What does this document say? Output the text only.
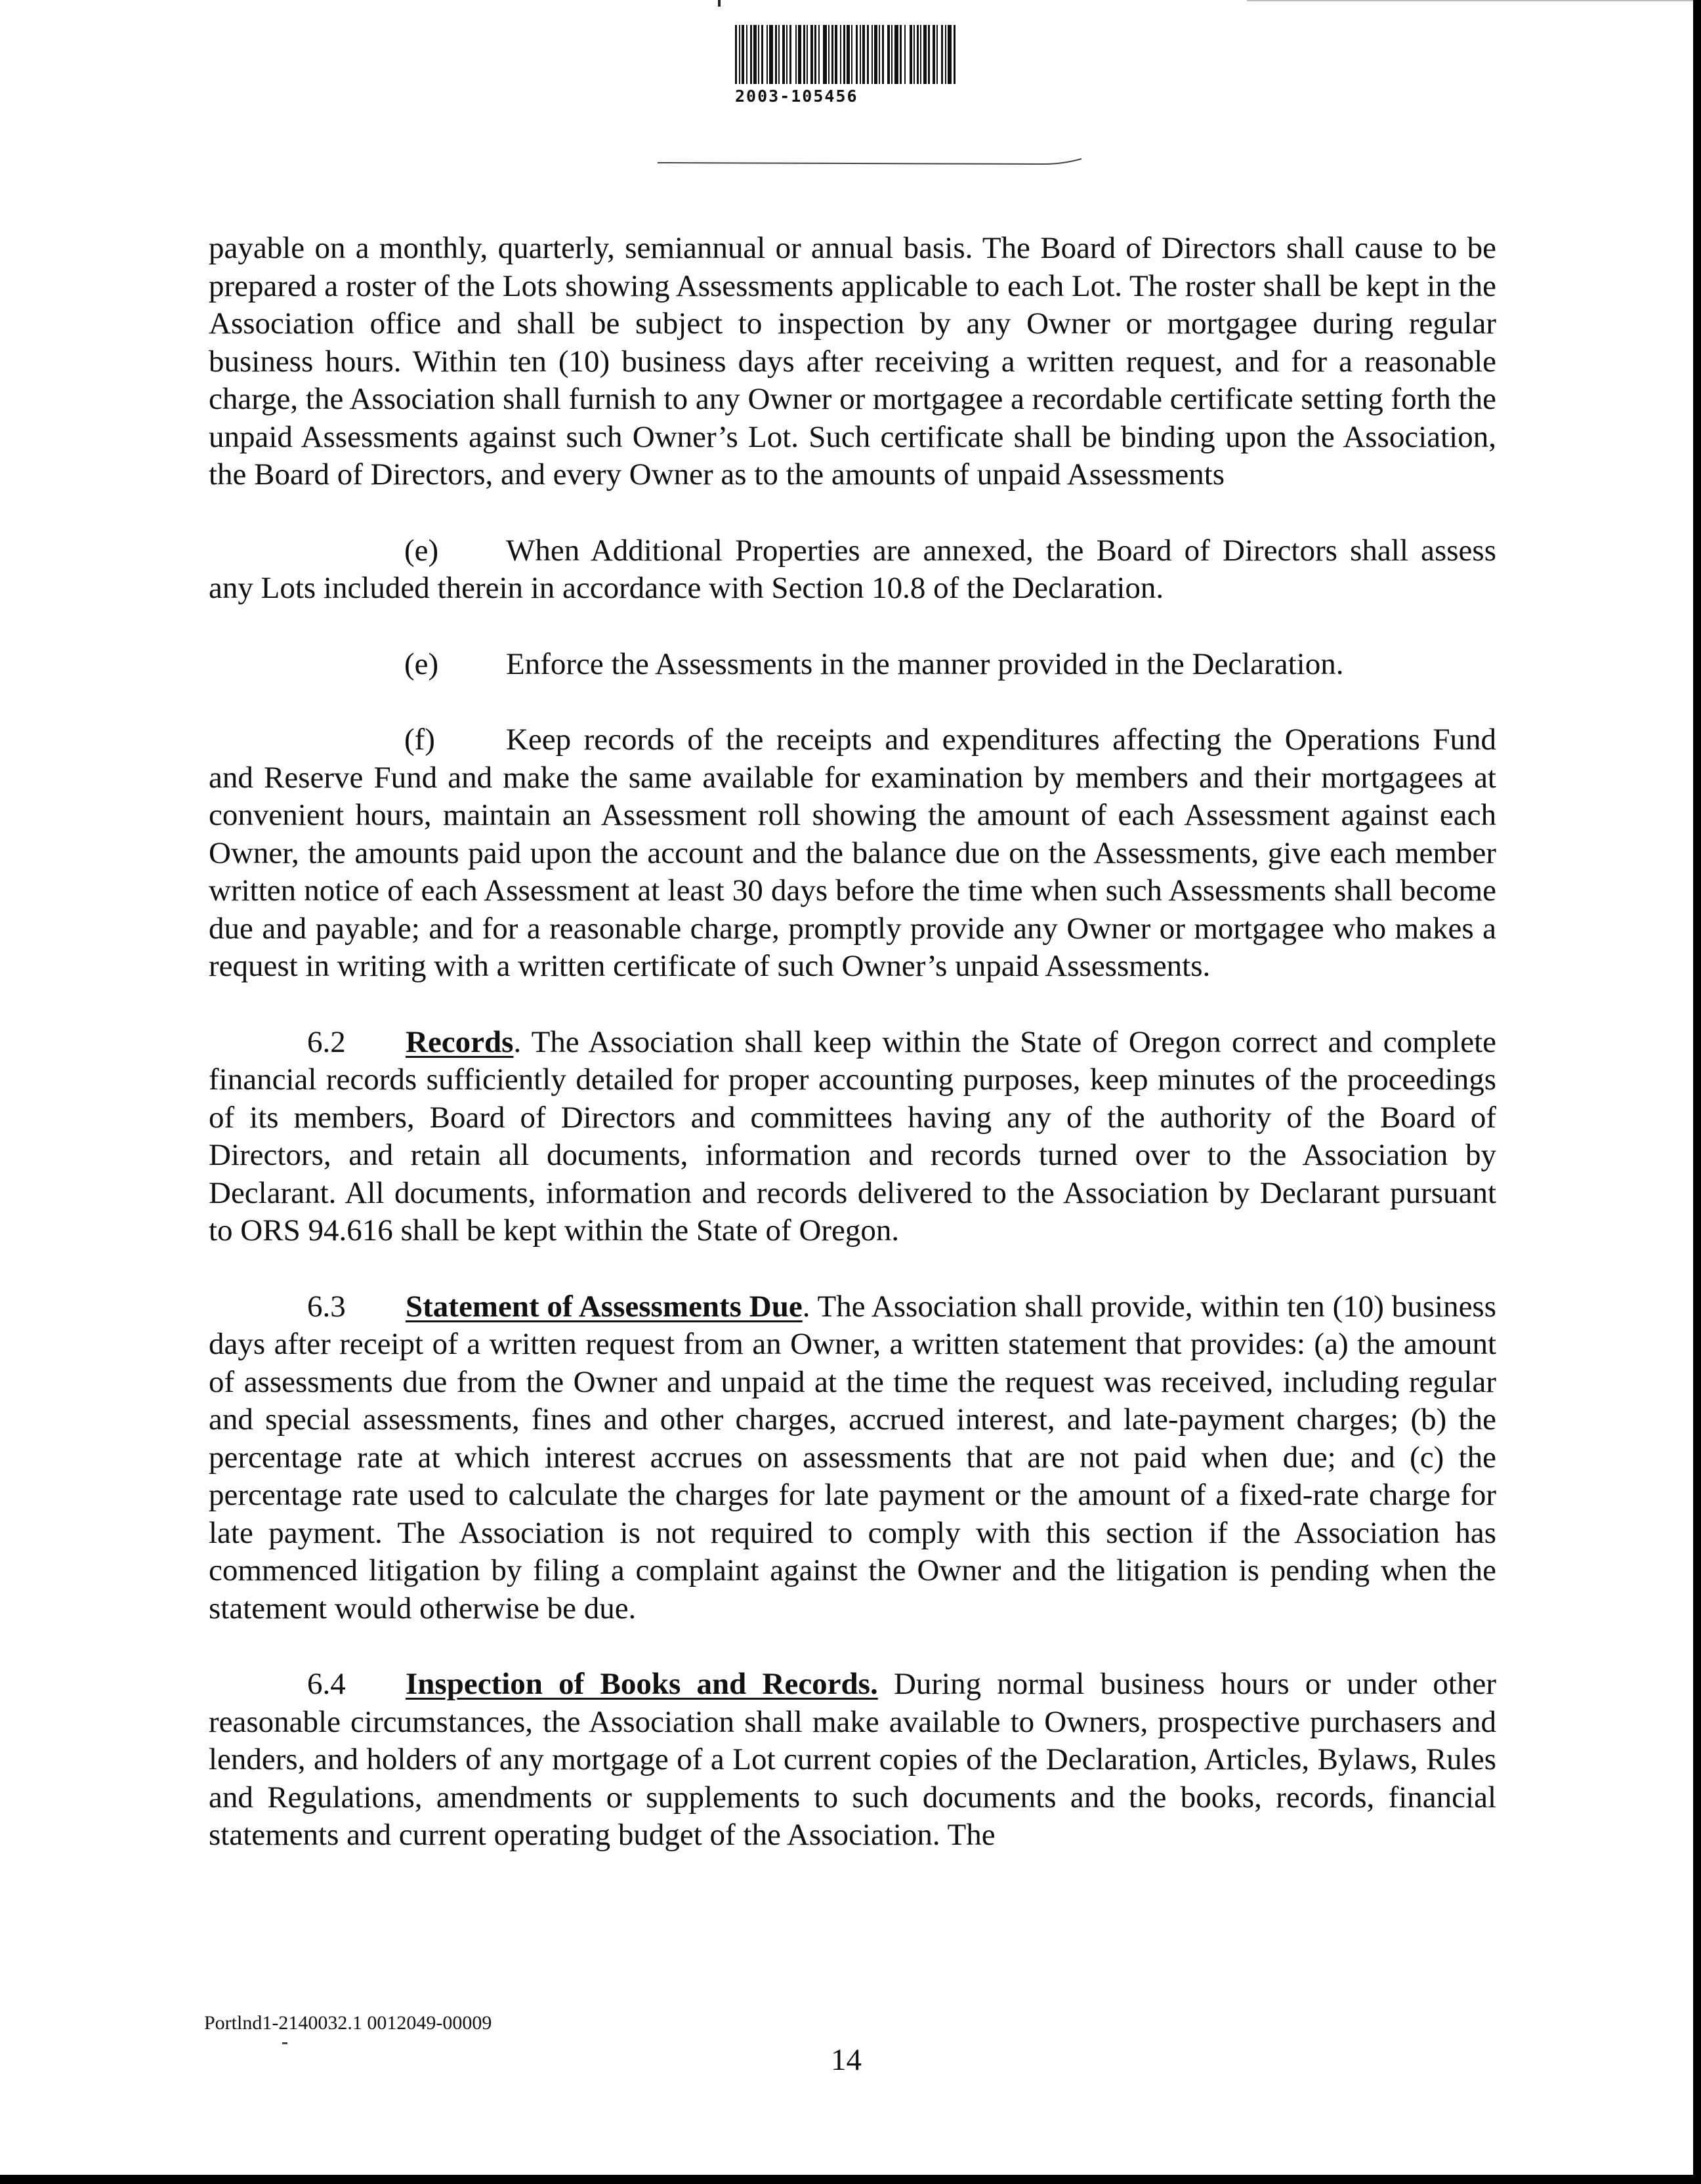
2003-105456

payable on a monthly, quarterly, semiannual or annual basis. The Board of Directors shall cause to be prepared a roster of the Lots showing Assessments applicable to each Lot. The roster shall be kept in the Association office and shall be subject to inspection by any Owner or mortgagee during regular business hours. Within ten (10) business days after receiving a written request, and for a reasonable charge, the Association shall furnish to any Owner or mortgagee a recordable certificate setting forth the unpaid Assessments against such Owner’s Lot. Such certificate shall be binding upon the Association, the Board of Directors, and every Owner as to the amounts of unpaid Assessments

(e) When Additional Properties are annexed, the Board of Directors shall assess any Lots included therein in accordance with Section 10.8 of the Declaration.

(e) Enforce the Assessments in the manner provided in the Declaration.

(f) Keep records of the receipts and expenditures affecting the Operations Fund and Reserve Fund and make the same available for examination by members and their mortgagees at convenient hours, maintain an Assessment roll showing the amount of each Assessment against each Owner, the amounts paid upon the account and the balance due on the Assessments, give each member written notice of each Assessment at least 30 days before the time when such Assessments shall become due and payable; and for a reasonable charge, promptly provide any Owner or mortgagee who makes a request in writing with a written certificate of such Owner’s unpaid Assessments.

6.2 Records. The Association shall keep within the State of Oregon correct and complete financial records sufficiently detailed for proper accounting purposes, keep minutes of the proceedings of its members, Board of Directors and committees having any of the authority of the Board of Directors, and retain all documents, information and records turned over to the Association by Declarant. All documents, information and records delivered to the Association by Declarant pursuant to ORS 94.616 shall be kept within the State of Oregon.

6.3 Statement of Assessments Due. The Association shall provide, within ten (10) business days after receipt of a written request from an Owner, a written statement that provides: (a) the amount of assessments due from the Owner and unpaid at the time the request was received, including regular and special assessments, fines and other charges, accrued interest, and late-payment charges; (b) the percentage rate at which interest accrues on assessments that are not paid when due; and (c) the percentage rate used to calculate the charges for late payment or the amount of a fixed-rate charge for late payment. The Association is not required to comply with this section if the Association has commenced litigation by filing a complaint against the Owner and the litigation is pending when the statement would otherwise be due.

6.4 Inspection of Books and Records. During normal business hours or under other reasonable circumstances, the Association shall make available to Owners, prospective purchasers and lenders, and holders of any mortgage of a Lot current copies of the Declaration, Articles, Bylaws, Rules and Regulations, amendments or supplements to such documents and the books, records, financial statements and current operating budget of the Association. The

Portlnd1-2140032.1 0012049-00009
14
